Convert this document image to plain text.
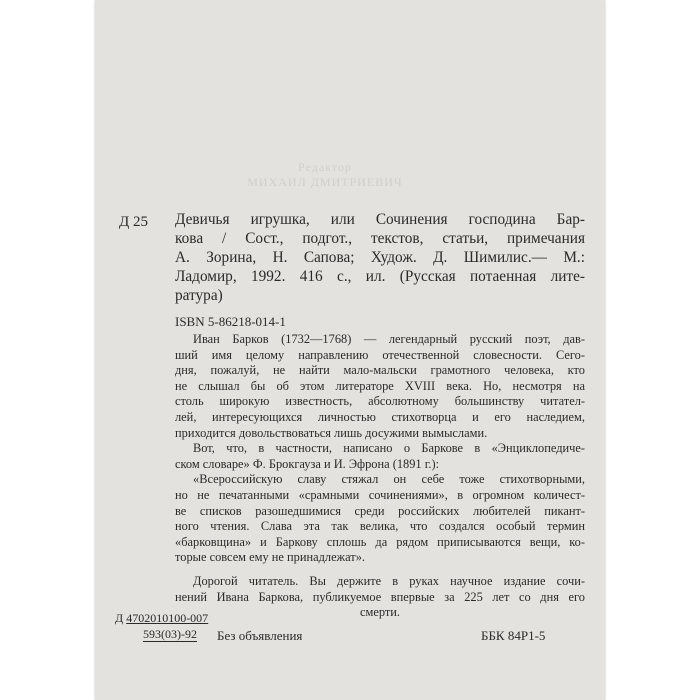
Редактор
МИХАИЛ ДМИТРИЕВИЧ
Д 25 Девичья игрушка, или Сочинения господина Бар-
кова / Сост., подгот., текстов, статьи, примечания
А. Зорина, Н. Сапова; Худож. Д. Шимилис.— М.:
Ладомир, 1992. 416 с., ил. (Русская потаенная лите-
ратура)
ISBN 5-86218-014-1
Иван Барков (1732—1768) — легендарный русский поэт, дав-
ший имя целому направлению отечественной словесности. Сего-
дня, пожалуй, не найти мало-мальски грамотного человека, кто
не слышал бы об этом литераторе XVIII века. Но, несмотря на
столь широкую известность, абсолютному большинству читател-
лей, интересующихся личностью стихотворца и его наследием,
приходится довольствоваться лишь досужими вымыслами.
Вот, что, в частности, написано о Баркове в «Энциклопедиче-
ском словаре» Ф. Брокгауза и И. Эфрона (1891 г.):
«Всероссийскую славу стяжал он себе тоже стихотворными,
но не печатанными «срамными сочинениями», в огромном количест-
ве списков разошедшимися среди российских любителей пикант-
ного чтения. Слава эта так велика, что создался особый термин
«барковщина» и Баркову сплошь да рядом приписываются вещи, ко-
торые совсем ему не принадлежат».
Дорогой читатель. Вы держите в руках научное издание сочи-
нений Ивана Баркова, публикуемое впервые за 225 лет со дня его
смерти.
Д 4702010100-007
593(03)-92	Без объявления	ББК 84Р1-5
